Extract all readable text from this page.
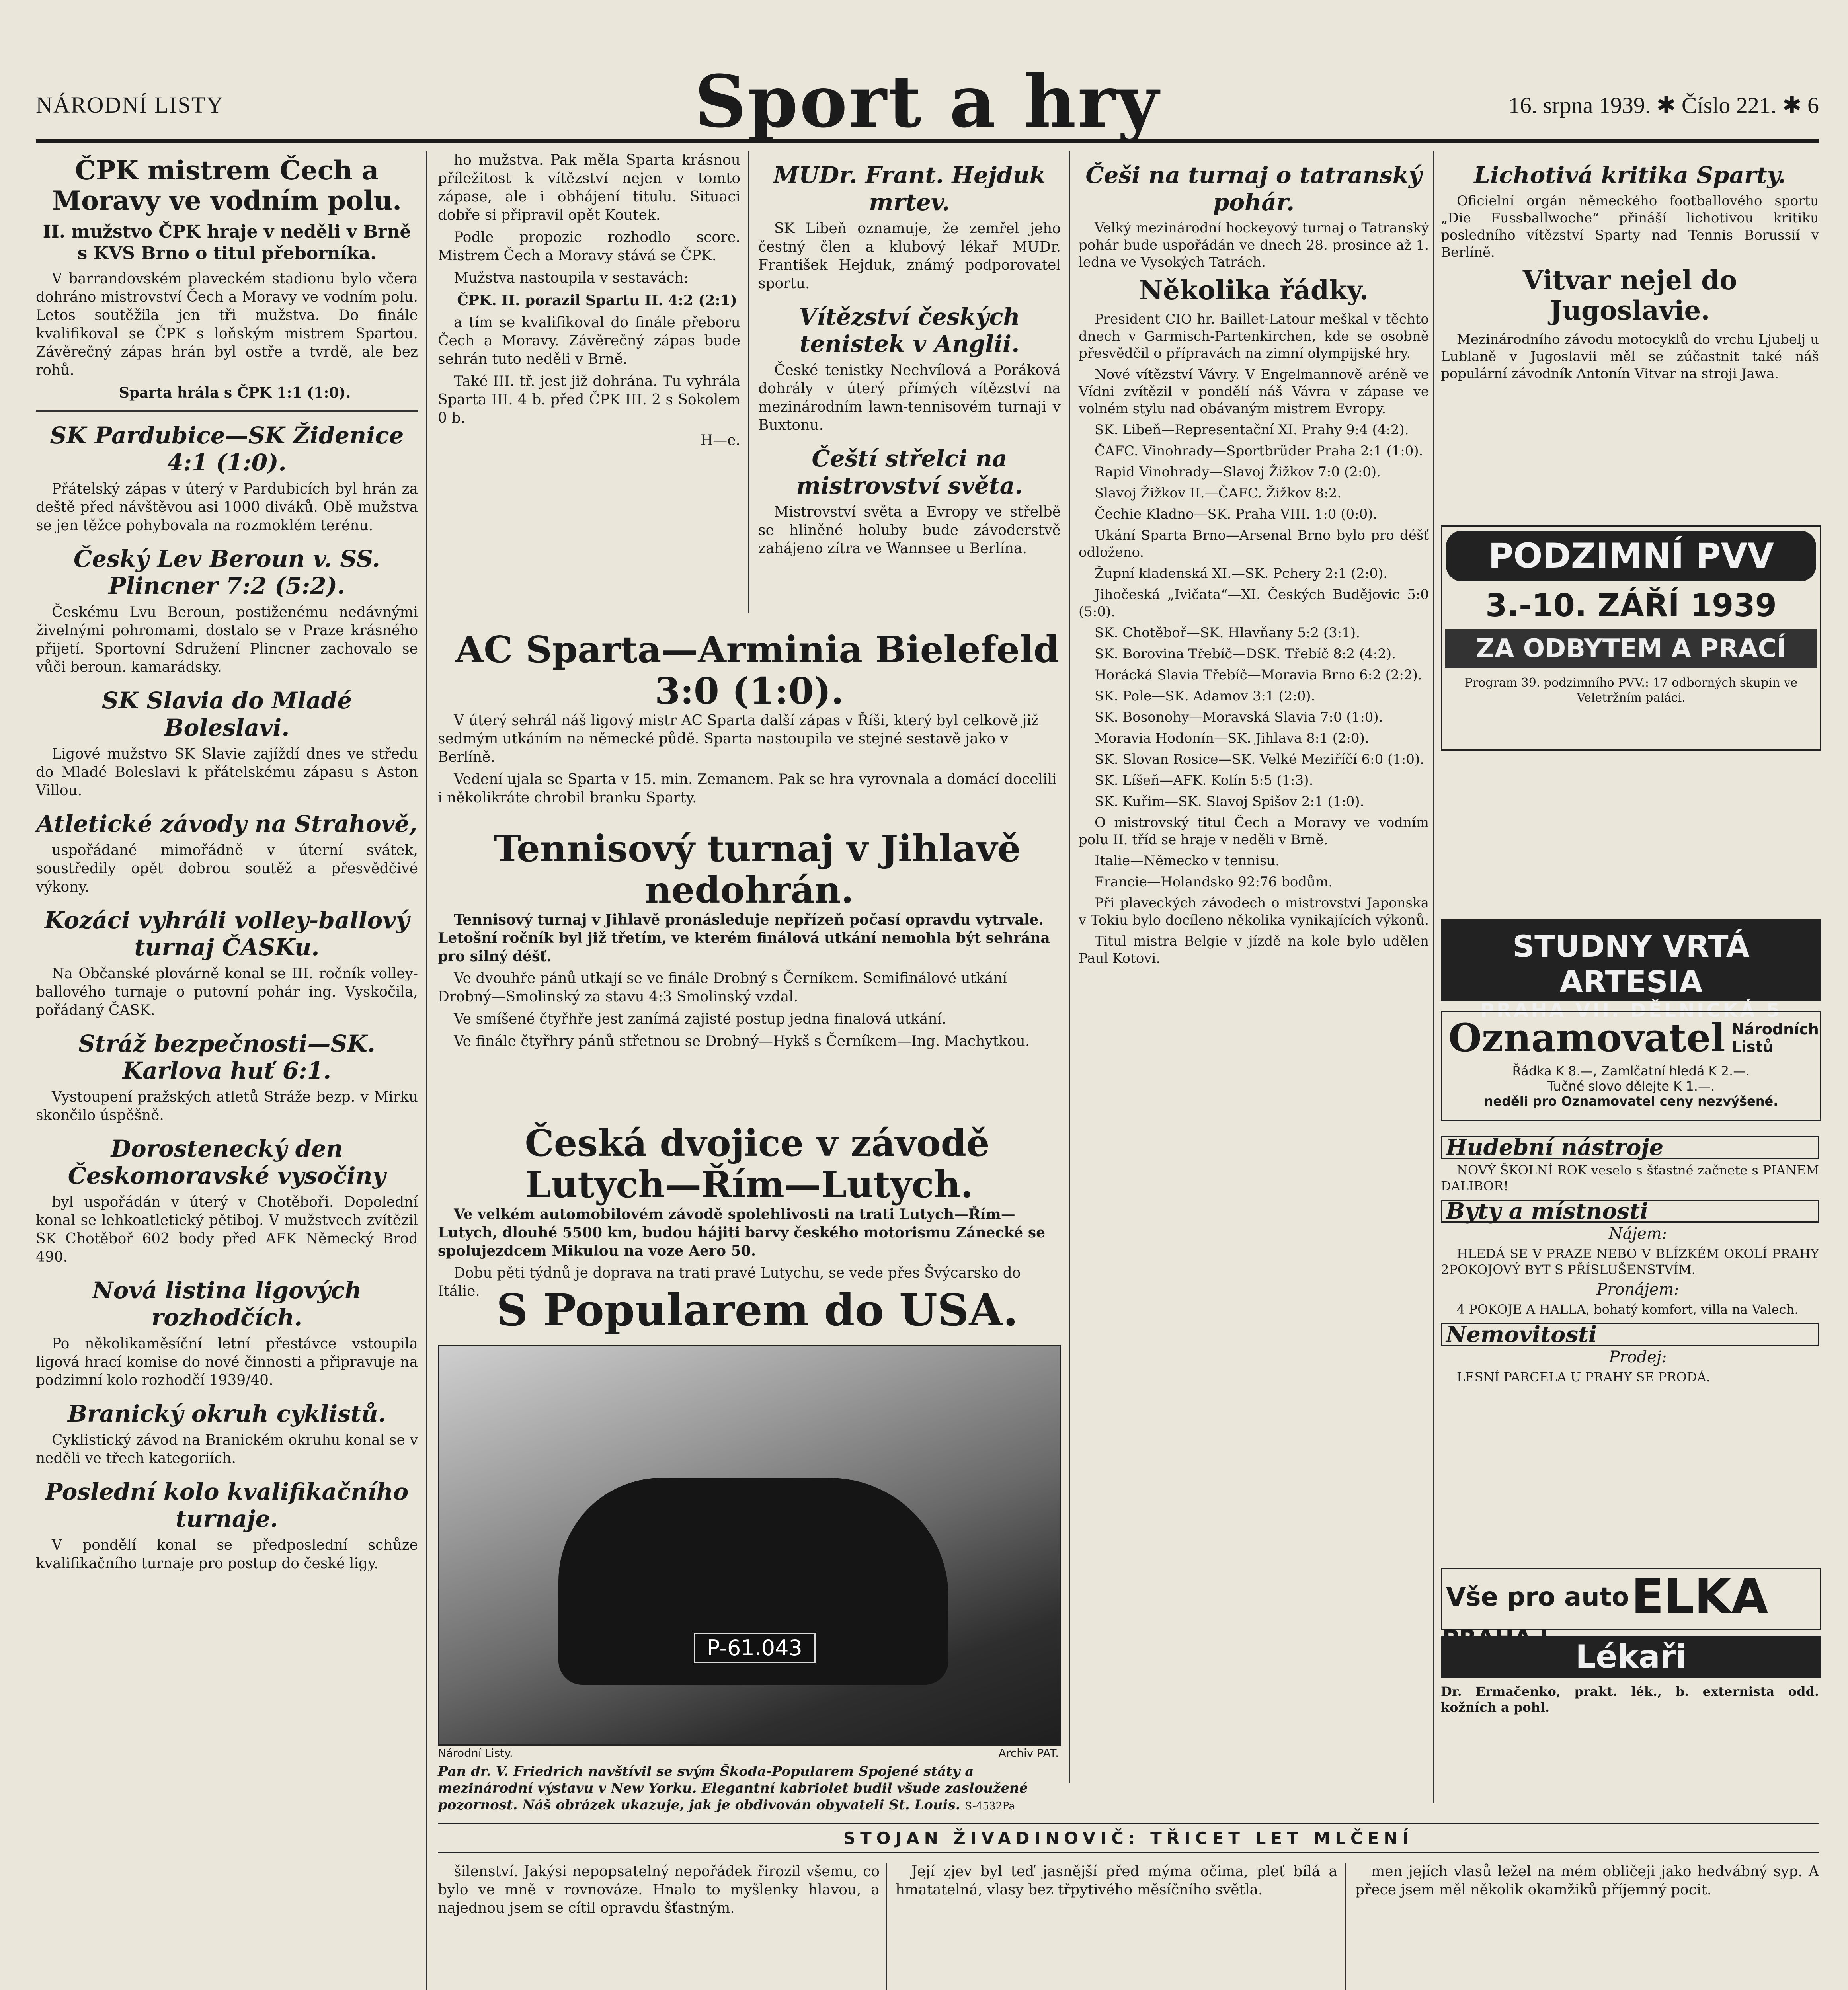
NÁRODNÍ LISTY	Sport a hry	16. srpna 1939. ✱ Číslo 221. ✱ 6
ČPK mistrem Čech a Moravy ve vodním polu.
II. mužstvo ČPK hraje v neděli v Brně s KVS Brno o titul přeborníka.

V barrandovském plaveckém stadionu bylo včera dohráno mistrovství Čech a Moravy ve vodním polu. Letos soutěžila jen tři mužstva. Do finále kvalifikoval se ČPK s loňským mistrem Spartou. Závěrečný zápas hrán byl ostře a tvrdě, ale bez rohů.

Sparta hrála s ČPK 1:1 (1:0).

SK Pardubice—SK Židenice 4:1 (1:0).

Přátelský zápas v úterý v Pardubicích byl hrán za deště před návštěvou asi 1000 diváků. Obě mužstva se jen těžce pohybovala na rozmoklém terénu.

Český Lev Beroun v. SS. Plincner 7:2 (5:2).

Českému Lvu Beroun, postiženému nedávnými živelnými pohromami, dostalo se v Praze krásného přijetí. Sportovní Sdružení Plincner zachovalo se vůči beroun. kamarádsky.

SK Slavia do Mladé Boleslavi.

Ligové mužstvo SK Slavie zajíždí dnes ve středu do Mladé Boleslavi k přátelskému zápasu s Aston Villou.

Atletické závody na Strahově,

uspořádané mimořádně v úterní svátek, soustředily opět dobrou soutěž a přesvědčivé výkony.

Kozáci vyhráli volley-ballový turnaj ČASKu.

Na Občanské plovárně konal se III. ročník volley-ballového turnaje o putovní pohár ing. Vyskočila, pořádaný ČASK.

Stráž bezpečnosti—SK. Karlova huť 6:1.

Vystoupení pražských atletů Stráže bezp. v Mirku skončilo úspěšně.

Dorostenecký den Českomoravské vysočiny

byl uspořádán v úterý v Chotěboři. Dopolední konal se lehkoatletický pětiboj. V mužstvech zvítězil SK Chotěboř 602 body před AFK Německý Brod 490.

Nová listina ligových rozhodčích.

Po několikaměsíční letní přestávce vstoupila ligová hrací komise do nové činnosti a připravuje na podzimní kolo rozhodčí 1939/40.

Branický okruh cyklistů.

Cyklistický závod na Branickém okruhu konal se v neděli ve třech kategoriích.

Poslední kolo kvalifikačního turnaje.

V pondělí konal se předposlední schůze kvalifikačního turnaje pro postup do české ligy.

ho mužstva. Pak měla Sparta krásnou příležitost k vítězství nejen v tomto zápase, ale i obhájení titulu. Situaci dobře si připravil opět Koutek.

Podle propozic rozhodlo score. Mistrem Čech a Moravy stává se ČPK.

Mužstva nastoupila v sestavách:

ČPK. II. porazil Spartu II. 4:2 (2:1)

a tím se kvalifikoval do finále přeboru Čech a Moravy. Závěrečný zápas bude sehrán tuto neděli v Brně.

Také III. tř. jest již dohrána. Tu vyhrála Sparta III. 4 b. před ČPK III. 2 s Sokolem 0 b.

H—e.

MUDr. Frant. Hejduk mrtev.

SK Libeň oznamuje, že zemřel jeho čestný člen a klubový lékař MUDr. František Hejduk, známý podporovatel sportu.

Vítězství českých tenistek v Anglii.

České tenistky Nechvílová a Poráková dohrály v úterý přímých vítězství na mezinárodním lawn-tennisovém turnaji v Buxtonu.

Čeští střelci na mistrovství světa.

Mistrovství světa a Evropy ve střelbě se hliněné holuby bude závoderstvě zahájeno zítra ve Wannsee u Berlína.

AC Sparta—Arminia Bielefeld 3:0 (1:0).

V úterý sehrál náš ligový mistr AC Sparta další zápas v Říši, který byl celkově již sedmým utkáním na německé půdě. Sparta nastoupila ve stejné sestavě jako v Berlíně.

Vedení ujala se Sparta v 15. min. Zemanem. Pak se hra vyrovnala a domácí docelili i několikráte chrobil branku Sparty.

Tennisový turnaj v Jihlavě nedohrán.

Tennisový turnaj v Jihlavě pronásleduje nepřízeň počasí opravdu vytrvale. Letošní ročník byl již třetím, ve kterém finálová utkání nemohla být sehrána pro silný déšť.

Ve dvouhře pánů utkají se ve finále Drobný s Černíkem. Semifinálové utkání Drobný—Smolinský za stavu 4:3 Smolinský vzdal.

Ve smíšené čtyřhře jest zanímá zajisté postup jedna finalová utkání.

Ve finále čtyřhry pánů střetnou se Drobný—Hykš s Černíkem—Ing. Machytkou.

Česká dvojice v závodě Lutych—Řím—Lutych.

Ve velkém automobilovém závodě spolehlivosti na trati Lutych—Řím—Lutych, dlouhé 5500 km, budou hájiti barvy českého motorismu Zánecké se spolujezdcem Mikulou na voze Aero 50.

Dobu pěti týdnů je doprava na trati pravé Lutychu, se vede přes Švýcarsko do Itálie. S Popularem do USA.

P-61.043
Národní Listy.	Archiv PAT.
Pan dr. V. Friedrich navštívil se svým Škoda-Popularem Spojené státy a mezinárodní výstavu v New Yorku. Elegantní kabriolet budil všude zasloužené pozornost. Náš obrázek ukazuje, jak je obdivován obyvateli St. Louis. S-4532Pa
Češi na turnaj o tatranský pohár.

Velký mezinárodní hockeyový turnaj o Tatranský pohár bude uspořádán ve dnech 28. prosince až 1. ledna ve Vysokých Tatrách.

Několika řádky.

President CIO hr. Baillet-Latour meškal v těchto dnech v Garmisch-Partenkirchen, kde se osobně přesvědčil o přípravách na zimní olympijské hry.

Nové vítězství Vávry. V Engelmannově aréně ve Vídni zvítězil v pondělí náš Vávra v zápase ve volném stylu nad obávaným mistrem Evropy.

SK. Libeň—Representační XI. Prahy 9:4 (4:2).

ČAFC. Vinohrady—Sportbrüder Praha 2:1 (1:0).

Rapid Vinohrady—Slavoj Žižkov 7:0 (2:0).

Slavoj Žižkov II.—ČAFC. Žižkov 8:2.

Čechie Kladno—SK. Praha VIII. 1:0 (0:0).

Ukání Sparta Brno—Arsenal Brno bylo pro déšť odloženo.

Župní kladenská XI.—SK. Pchery 2:1 (2:0).

Jihočeská „Ivičata“—XI. Českých Budějovic 5:0 (5:0).

SK. Chotěboř—SK. Hlavňany 5:2 (3:1).

SK. Borovina Třebíč—DSK. Třebíč 8:2 (4:2).

Horácká Slavia Třebíč—Moravia Brno 6:2 (2:2).

SK. Pole—SK. Adamov 3:1 (2:0).

SK. Bosonohy—Moravská Slavia 7:0 (1:0).

Moravia Hodonín—SK. Jihlava 8:1 (2:0).

SK. Slovan Rosice—SK. Velké Meziříčí 6:0 (1:0).

SK. Líšeň—AFK. Kolín 5:5 (1:3).

SK. Kuřim—SK. Slavoj Spišov 2:1 (1:0).

O mistrovský titul Čech a Moravy ve vodním polu II. tříd se hraje v neděli v Brně.

Italie—Německo v tennisu.

Francie—Holandsko 92:76 bodům.

Při plaveckých závodech o mistrovství Japonska v Tokiu bylo docíleno několika vynikajících výkonů.

Titul mistra Belgie v jízdě na kole bylo udělen Paul Kotovi.

Lichotivá kritika Sparty.

Oficielní orgán německého footballového sportu „Die Fussballwoche“ přináší lichotivou kritiku posledního vítězství Sparty nad Tennis Borussií v Berlíně.

Vitvar nejel do Jugoslavie.

Mezinárodního závodu motocyklů do vrchu Ljubelj u Lublaně v Jugoslavii měl se zúčastnit také náš populární závodník Antonín Vitvar na stroji Jawa.

PODZIMNÍ PVV
3.-10. ZÁŘÍ 1939
ZA ODBYTEM A PRACÍ
Program 39. podzimního PVV.: 17 odborných skupin ve Veletržním paláci.
STUDNY VRTÁ ARTESIA
PRAHA VII. DĚLNICKÁ 5
Oznamovatel Národních Listů
Řádka K 8.—, Zamlčatní hledá K 2.—.
Tučné slovo dělejte K 1.—.
neděli pro Oznamovatel ceny nezvýšené.
Hudební nástroje

NOVÝ ŠKOLNÍ ROK veselo s šťastné začnete s PIANEM DALIBOR!

Byty a místnosti

Nájem:

HLEDÁ SE V PRAZE NEBO V BLÍZKÉM OKOLÍ PRAHY 2POKOJOVÝ BYT S PŘÍSLUŠENSTVÍM.

Pronájem:

4 POKOJE A HALLA, bohatý komfort, villa na Valech.

Nemovitosti

Prodej:

LESNÍ PARCELA U PRAHY SE PRODÁ.

Vše pro auto ELKA
Lékaři

Dr. Ermačenko, prakt. lék., b. externista odd. kožních a pohl.

STOJAN ŽIVADINOVIČ: TŘICET LET MLČENÍ

šilenství. Jakýsi nepopsatelný nepořádek řirozil všemu, co bylo ve mně v rovnováze. Hnalo to myšlenky hlavou, a najednou jsem se cítil opravdu šťastným.

Její zjev byl teď jasnější před mýma očima, pleť bílá a hmatatelná, vlasy bez třpytivého měsíčního světla.

men jejích vlasů ležel na mém obličeji jako hedvábný syp. A přece jsem měl několik okamžiků příjemný pocit.
